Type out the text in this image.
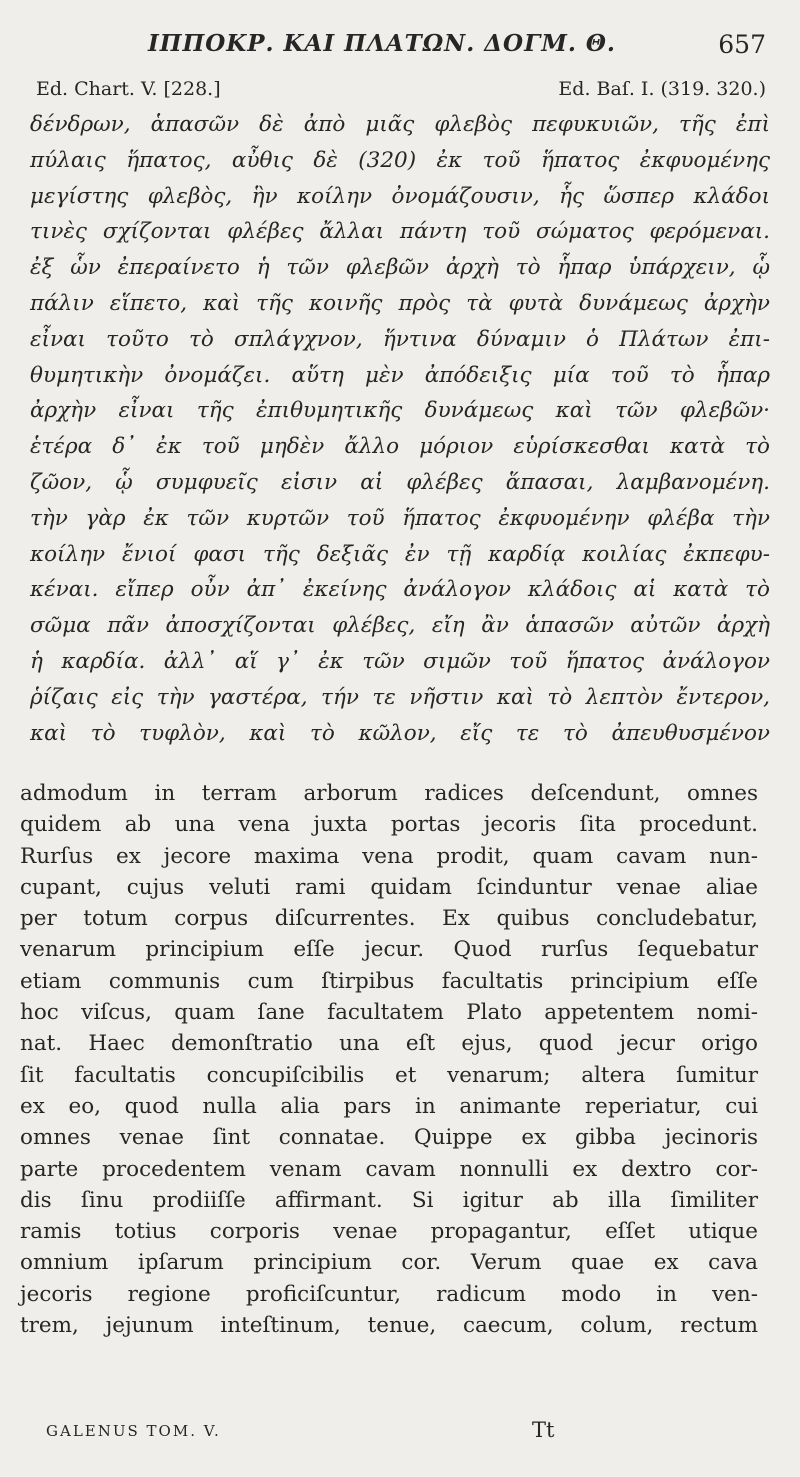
ΙΠΠΟΚΡ. ΚΑΙ ΠΛΑΤΩΝ. ΔΟΓΜ. Θ.	657
Ed. Chart. V. [228.]	Ed. Baſ. I. (319. 320.)
δένδρων, ἁπασῶν δὲ ἀπὸ μιᾶς φλεβὸς πεφυκυιῶν, τῆς ἐπὶ
πύλαις ἥπατος, αὖθις δὲ (320) ἐκ τοῦ ἥπατος ἐκφυομένης
μεγίστης φλεβὸς, ἣν κοίλην ὀνομάζουσιν, ἧς ὥσπερ κλάδοι
τινὲς σχίζονται φλέβες ἄλλαι πάντη τοῦ σώματος φερόμεναι.
ἐξ ὧν ἐπεραίνετο ἡ τῶν φλεβῶν ἀρχὴ τὸ ἧπαρ ὑπάρχειν, ᾧ
πάλιν εἵπετο, καὶ τῆς κοινῆς πρὸς τὰ φυτὰ δυνάμεως ἀρχὴν
εἶναι τοῦτο τὸ σπλάγχνον, ἥντινα δύναμιν ὁ Πλάτων ἐπι-
θυμητικὴν ὀνομάζει. αὕτη μὲν ἀπόδειξις μία τοῦ τὸ ἧπαρ
ἀρχὴν εἶναι τῆς ἐπιθυμητικῆς δυνάμεως καὶ τῶν φλεβῶν·
ἑτέρα δ᾽ ἐκ τοῦ μηδὲν ἄλλο μόριον εὑρίσκεσθαι κατὰ τὸ
ζῶον, ᾧ συμφυεῖς εἰσιν αἱ φλέβες ἅπασαι, λαμβανομένη.
τὴν γὰρ ἐκ τῶν κυρτῶν τοῦ ἥπατος ἐκφυομένην φλέβα τὴν
κοίλην ἔνιοί φασι τῆς δεξιᾶς ἐν τῇ καρδίᾳ κοιλίας ἐκπεφυ-
κέναι. εἴπερ οὖν ἀπ᾽ ἐκείνης ἀνάλογον κλάδοις αἱ κατὰ τὸ
σῶμα πᾶν ἀποσχίζονται φλέβες, εἴη ἂν ἁπασῶν αὐτῶν ἀρχὴ
ἡ καρδία. ἀλλ᾽ αἵ γ᾽ ἐκ τῶν σιμῶν τοῦ ἥπατος ἀνάλογον
ῥίζαις εἰς τὴν γαστέρα, τήν τε νῆστιν καὶ τὸ λεπτὸν ἔντερον,
καὶ τὸ τυφλὸν, καὶ τὸ κῶλον, εἴς τε τὸ ἀπευθυσμένον
admodum in terram arborum radices deſcendunt, omnes
quidem ab una vena juxta portas jecoris ſita procedunt.
Rurſus ex jecore maxima vena prodit, quam cavam nun-
cupant, cujus veluti rami quidam ſcinduntur venae aliae
per totum corpus diſcurrentes. Ex quibus concludebatur,
venarum principium eſſe jecur. Quod rurſus ſequebatur
etiam communis cum ſtirpibus facultatis principium eſſe
hoc viſcus, quam ſane facultatem Plato appetentem nomi-
nat. Haec demonſtratio una eſt ejus, quod jecur origo
ſit facultatis concupiſcibilis et venarum; altera ſumitur
ex eo, quod nulla alia pars in animante reperiatur, cui
omnes venae ſint connatae. Quippe ex gibba jecinoris
parte procedentem venam cavam nonnulli ex dextro cor-
dis ſinu prodiiſſe affirmant. Si igitur ab illa ſimiliter
ramis totius corporis venae propagantur, eſſet utique
omnium ipſarum principium cor. Verum quae ex cava
jecoris regione proficiſcuntur, radicum modo in ven-
trem, jejunum inteſtinum, tenue, caecum, colum, rectum
GALENUS TOM. V.	Tt
